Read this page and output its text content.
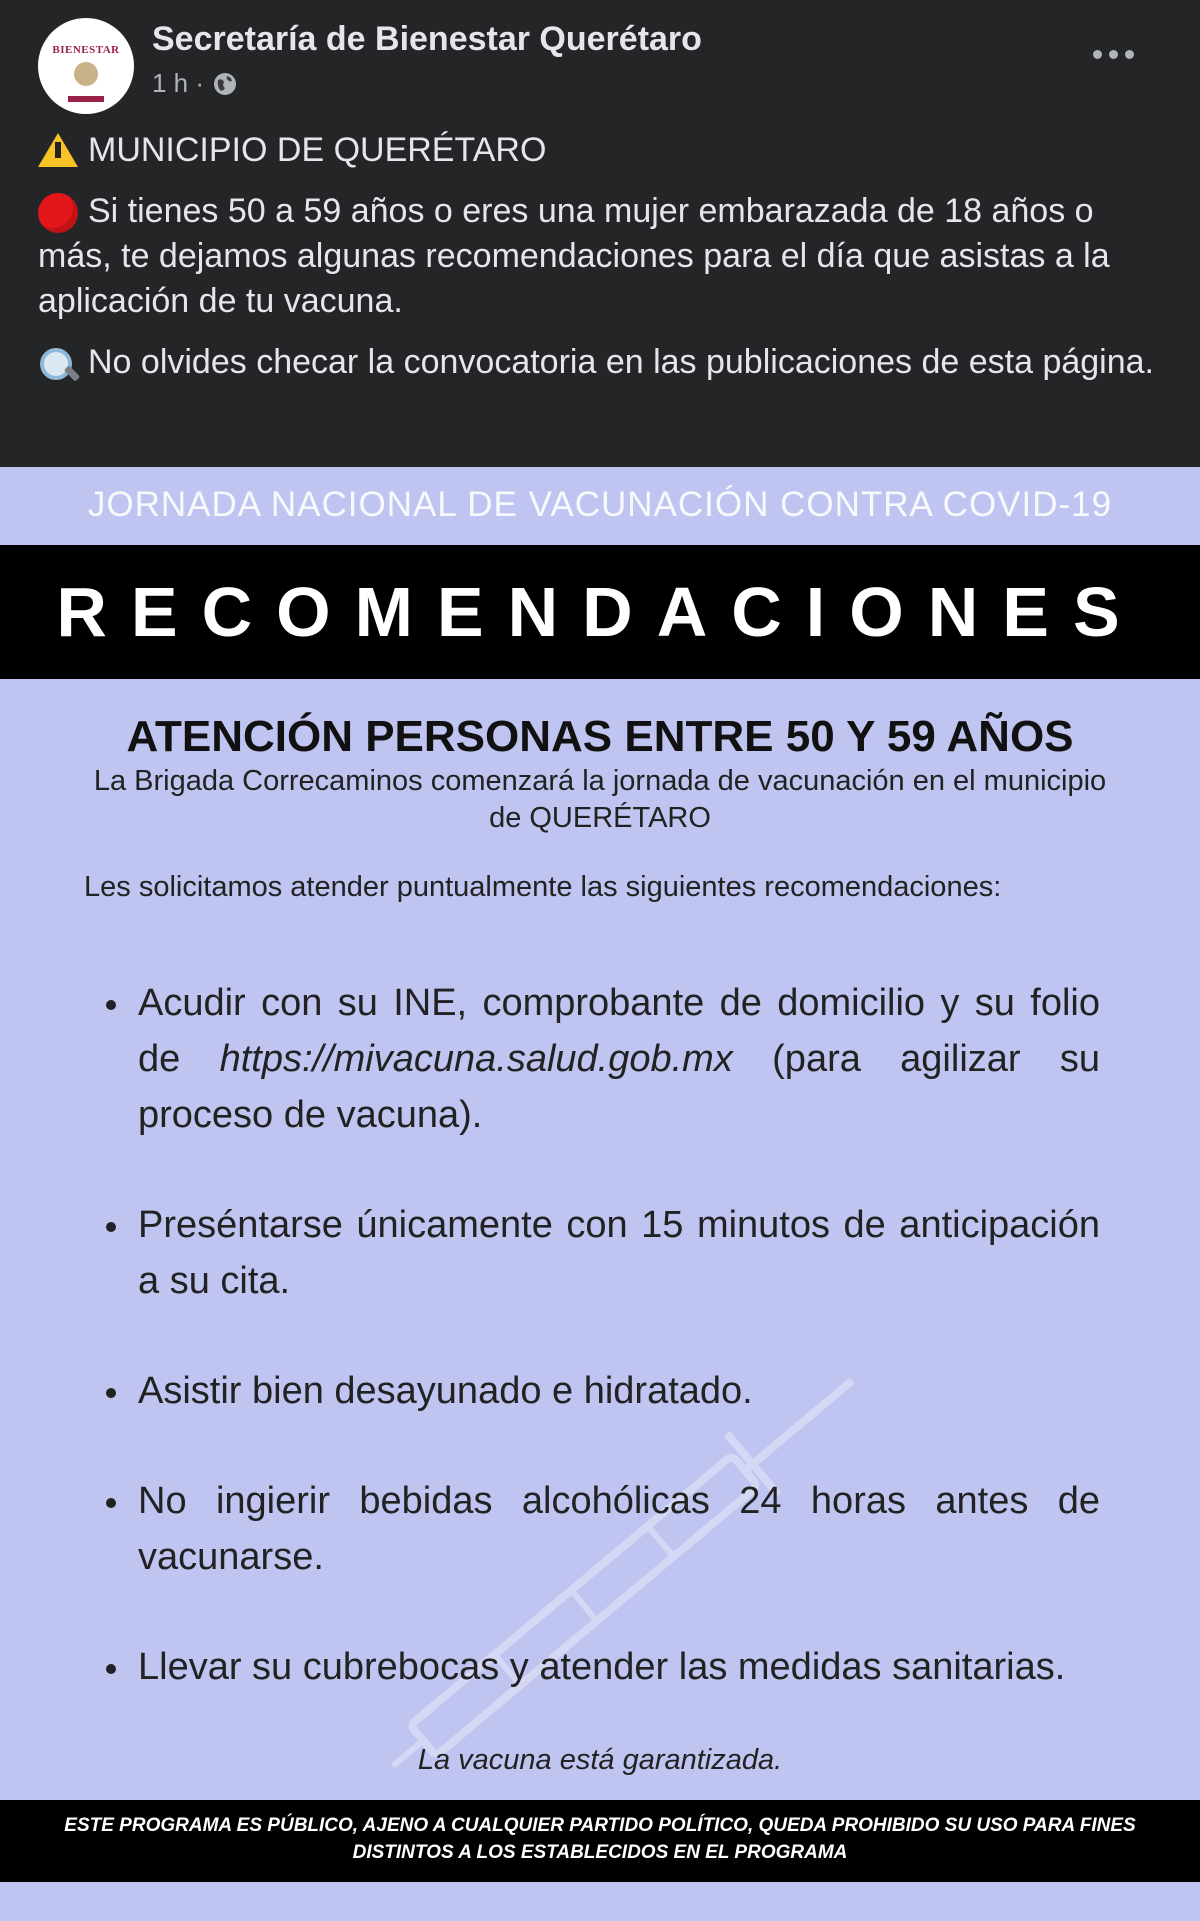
BIENESTAR Secretaría de Bienestar Querétaro
1 h ·

MUNICIPIO DE QUERÉTARO

Si tienes 50 a 59 años o eres una mujer embarazada de 18 años o más, te dejamos algunas recomendaciones para el día que asistas a la aplicación de tu vacuna.

No olvides checar la convocatoria en las publicaciones de esta página.

JORNADA NACIONAL DE VACUNACIÓN CONTRA COVID-19
RECOMENDACIONES
ATENCIÓN PERSONAS ENTRE 50 Y 59 AÑOS
La Brigada Correcaminos comenzará la jornada de vacunación en el municipio de QUERÉTARO
Les solicitamos atender puntualmente las siguientes recomendaciones:
Acudir con su INE, comprobante de domicilio y su folio de https://mivacuna.salud.gob.mx (para agilizar su proceso de vacuna).
Preséntarse únicamente con 15 minutos de anticipación a su cita.
Asistir bien desayunado e hidratado.
No ingierir bebidas alcohólicas 24 horas antes de vacunarse.
Llevar su cubrebocas y atender las medidas sanitarias.
La vacuna está garantizada.
ESTE PROGRAMA ES PÚBLICO, AJENO A CUALQUIER PARTIDO POLÍTICO, QUEDA PROHIBIDO SU USO PARA FINES DISTINTOS A LOS ESTABLECIDOS EN EL PROGRAMA
